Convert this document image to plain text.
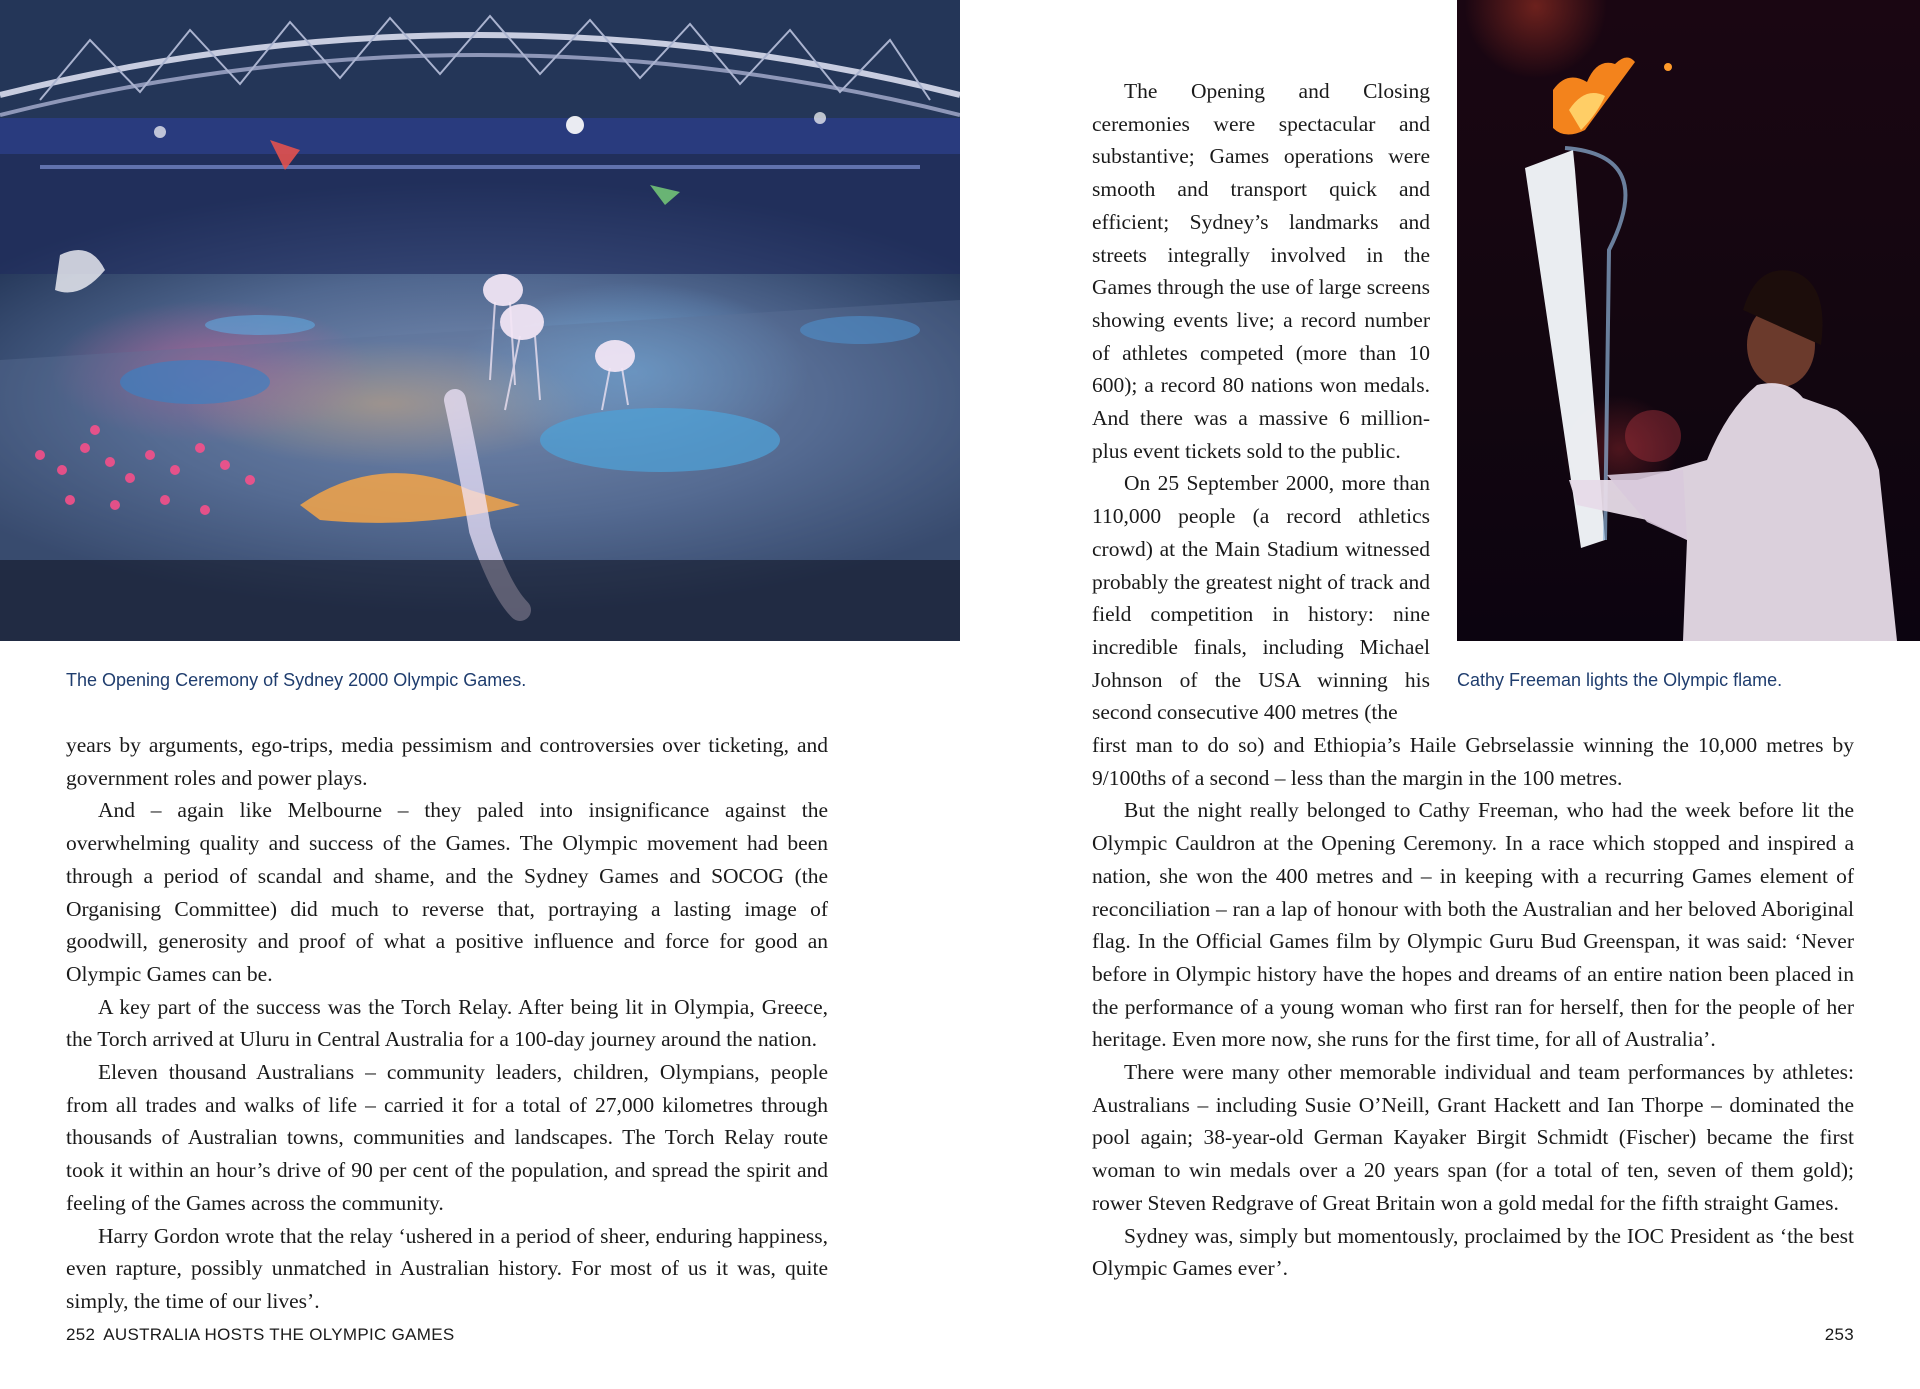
The Opening Ceremony of Sydney 2000 Olympic Games.	Cathy Freeman lights the Olympic flame.

years by arguments, ego-trips, media pessimism and controversies over ticketing, and government roles and power plays.

And – again like Melbourne – they paled into insignificance against the overwhelming quality and success of the Games. The Olympic movement had been through a period of scandal and shame, and the Sydney Games and SOCOG (the Organising Committee) did much to reverse that, portraying a lasting image of goodwill, generosity and proof of what a positive influence and force for good an Olympic Games can be.

A key part of the success was the Torch Relay. After being lit in Olympia, Greece, the Torch arrived at Uluru in Central Australia for a 100-day journey around the nation.

Eleven thousand Australians – community leaders, children, Olympians, people from all trades and walks of life – carried it for a total of 27,000 kilometres through thousands of Australian towns, communities and landscapes. The Torch Relay route took it within an hour’s drive of 90 per cent of the population, and spread the spirit and feeling of the Games across the community.

Harry Gordon wrote that the relay ‘ushered in a period of sheer, enduring happiness, even rapture, possibly unmatched in Australian history. For most of us it was, quite simply, the time of our lives’.

The Opening and Closing ceremonies were spectacular and substantive; Games operations were smooth and transport quick and efficient; Sydney’s landmarks and streets integrally involved in the Games through the use of large screens showing events live; a record number of athletes competed (more than 10 600); a record 80 nations won medals. And there was a massive 6 million-plus event tickets sold to the public.

On 25 September 2000, more than 110,000 people (a record athletics crowd) at the Main Stadium witnessed probably the greatest night of track and field competition in history: nine incredible finals, including Michael Johnson of the USA winning his second consecutive 400 metres (the

first man to do so) and Ethiopia’s Haile Gebrselassie winning the 10,000 metres by 9/100ths of a second – less than the margin in the 100 metres.

But the night really belonged to Cathy Freeman, who had the week before lit the Olympic Cauldron at the Opening Ceremony. In a race which stopped and inspired a nation, she won the 400 metres and – in keeping with a recurring Games element of reconciliation – ran a lap of honour with both the Australian and her beloved Aboriginal flag. In the Official Games film by Olympic Guru Bud Greenspan, it was said: ‘Never before in Olympic history have the hopes and dreams of an entire nation been placed in the performance of a young woman who first ran for herself, then for the people of her heritage. Even more now, she runs for the first time, for all of Australia’.

There were many other memorable individual and team performances by athletes: Australians – including Susie O’Neill, Grant Hackett and Ian Thorpe – dominated the pool again; 38-year-old German Kayaker Birgit Schmidt (Fischer) became the first woman to win medals over a 20 years span (for a total of ten, seven of them gold); rower Steven Redgrave of Great Britain won a gold medal for the fifth straight Games.

Sydney was, simply but momentously, proclaimed by the IOC President as ‘the best Olympic Games ever’.

252 AUSTRALIA HOSTS THE OLYMPIC GAMES	253
